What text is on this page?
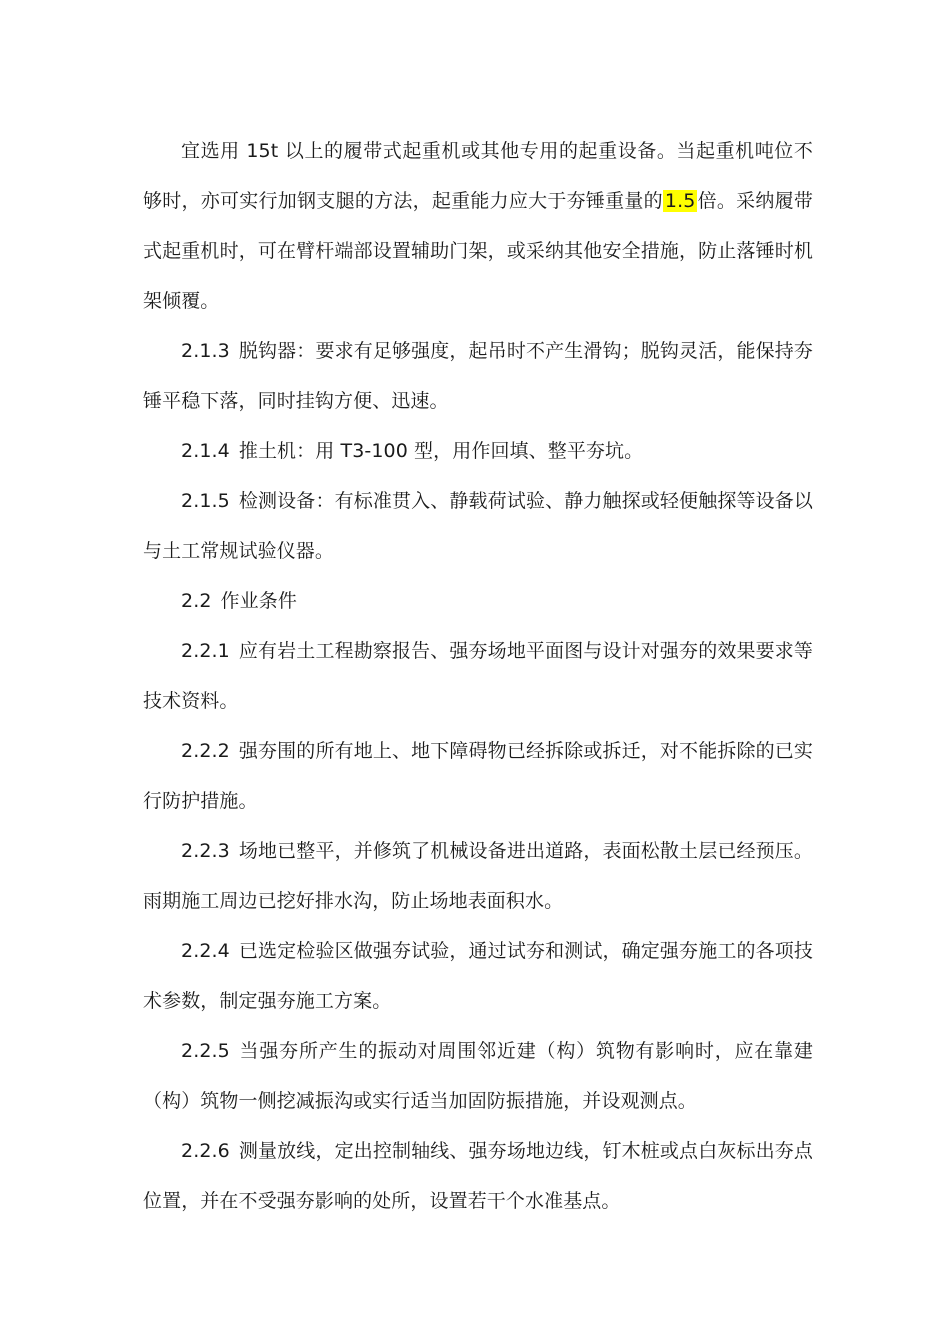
宜选用 15t 以上的履带式起重机或其他专用的起重设备。当起重机吨位不够时，亦可实行加钢支腿的方法，起重能力应大于夯锤重量的 1.5 倍。采纳履带式起重机时，可在臂杆端部设置辅助门架，或采纳其他安全措施，防止落锤时机架倾覆。

2.1.3 脱钩器：要求有足够强度，起吊时不产生滑钩；脱钩灵活，能保持夯锤平稳下落，同时挂钩方便、迅速。

2.1.4 推土机：用 T3-100 型，用作回填、整平夯坑。

2.1.5 检测设备：有标准贯入、静载荷试验、静力触探或轻便触探等设备以与土工常规试验仪器。

2.2 作业条件

2.2.1 应有岩土工程勘察报告、强夯场地平面图与设计对强夯的效果要求等技术资料。

2.2.2 强夯围的所有地上、地下障碍物已经拆除或拆迁，对不能拆除的已实行防护措施。

2.2.3 场地已整平，并修筑了机械设备进出道路，表面松散土层已经预压。雨期施工周边已挖好排水沟，防止场地表面积水。

2.2.4 已选定检验区做强夯试验，通过试夯和测试，确定强夯施工的各项技术参数，制定强夯施工方案。

2.2.5 当强夯所产生的振动对周围邻近建（构）筑物有影响时，应在靠建（构）筑物一侧挖减振沟或实行适当加固防振措施，并设观测点。

2.2.6 测量放线，定出控制轴线、强夯场地边线，钉木桩或点白灰标出夯点位置，并在不受强夯影响的处所，设置若干个水准基点。
